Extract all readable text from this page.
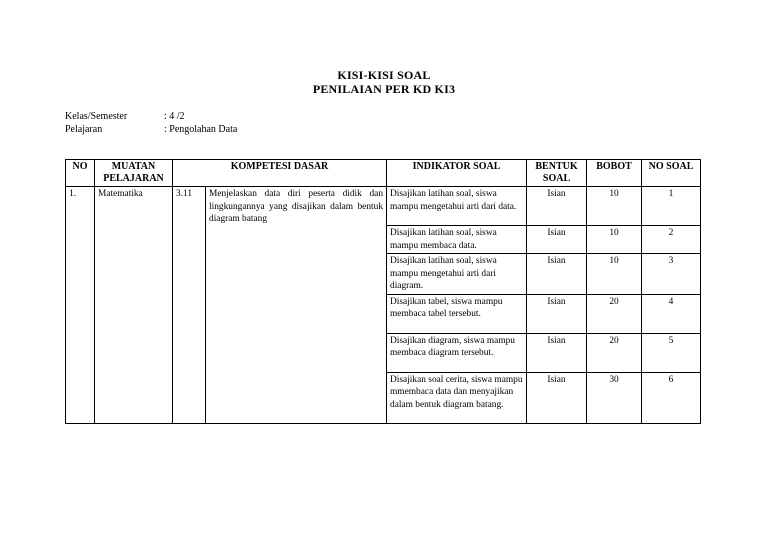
KISI-KISI SOAL
PENILAIAN PER KD KI3
Kelas/Semester	: 4 /2
Pelajaran	: Pengolahan Data
NO	MUATAN PELAJARAN	KOMPETESI DASAR		INDIKATOR SOAL	BENTUK SOAL	BOBOT	NO SOAL
1.	Matematika	3.11	Menjelaskan data diri peserta didik dan lingkungannya yang disajikan dalam bentuk diagram batang	Disajikan latihan soal, siswa mampu mengetahui arti dari data.	Isian	10	1
				Disajikan latihan soal, siswa mampu membaca data.	Isian	10	2
				Disajikan latihan soal, siswa mampu mengetahui arti dari diagram.	Isian	10	3
				Disajikan tabel, siswa mampu membaca tabel tersebut.	Isian	20	4
				Disajikan diagram, siswa mampu membaca diagram tersebut.	Isian	20	5
				Disajikan soal cerita, siswa mampu mmembaca data dan menyajikan dalam bentuk diagram batang.	Isian	30	6
